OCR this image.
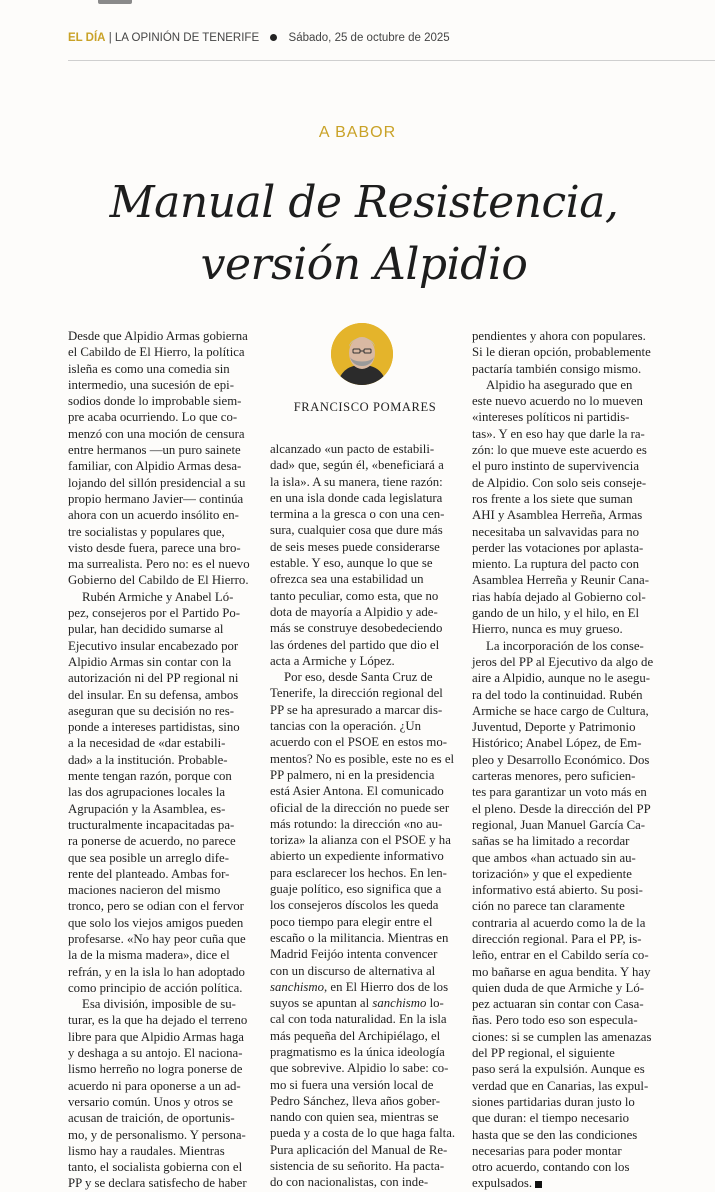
EL DÍA | LA OPINIÓN DE TENERIFE	Sábado, 25 de octubre de 2025
A BABOR
Manual de Resistencia,
versión Alpidio
FRANCISCO POMARES
Desde que Alpidio Armas gobierna
el Cabildo de El Hierro, la política
isleña es como una comedia sin
intermedio, una sucesión de epi-
sodios donde lo improbable siem-
pre acaba ocurriendo. Lo que co-
menzó con una moción de censura
entre hermanos —un puro sainete
familiar, con Alpidio Armas desa-
lojando del sillón presidencial a su
propio hermano Javier— continúa
ahora con un acuerdo insólito en-
tre socialistas y populares que,
visto desde fuera, parece una bro-
ma surrealista. Pero no: es el nuevo
Gobierno del Cabildo de El Hierro.
Rubén Armiche y Anabel Ló-
pez, consejeros por el Partido Po-
pular, han decidido sumarse al
Ejecutivo insular encabezado por
Alpidio Armas sin contar con la
autorización ni del PP regional ni
del insular. En su defensa, ambos
aseguran que su decisión no res-
ponde a intereses partidistas, sino
a la necesidad de «dar estabili-
dad» a la institución. Probable-
mente tengan razón, porque con
las dos agrupaciones locales la
Agrupación y la Asamblea, es-
tructuralmente incapacitadas pa-
ra ponerse de acuerdo, no parece
que sea posible un arreglo dife-
rente del planteado. Ambas for-
maciones nacieron del mismo
tronco, pero se odian con el fervor
que solo los viejos amigos pueden
profesarse. «No hay peor cuña que
la de la misma madera», dice el
refrán, y en la isla lo han adoptado
como principio de acción política.
Esa división, imposible de su-
turar, es la que ha dejado el terreno
libre para que Alpidio Armas haga
y deshaga a su antojo. El naciona-
lismo herreño no logra ponerse de
acuerdo ni para oponerse a un ad-
versario común. Unos y otros se
acusan de traición, de oportunis-
mo, y de personalismo. Y persona-
lismo hay a raudales. Mientras
tanto, el socialista gobierna con el
PP y se declara satisfecho de haber
alcanzado «un pacto de estabili-
dad» que, según él, «beneficiará a
la isla». A su manera, tiene razón:
en una isla donde cada legislatura
termina a la gresca o con una cen-
sura, cualquier cosa que dure más
de seis meses puede considerarse
estable. Y eso, aunque lo que se
ofrezca sea una estabilidad un
tanto peculiar, como esta, que no
dota de mayoría a Alpidio y ade-
más se construye desobedeciendo
las órdenes del partido que dio el
acta a Armiche y López.
Por eso, desde Santa Cruz de
Tenerife, la dirección regional del
PP se ha apresurado a marcar dis-
tancias con la operación. ¿Un
acuerdo con el PSOE en estos mo-
mentos? No es posible, este no es el
PP palmero, ni en la presidencia
está Asier Antona. El comunicado
oficial de la dirección no puede ser
más rotundo: la dirección «no au-
toriza» la alianza con el PSOE y ha
abierto un expediente informativo
para esclarecer los hechos. En len-
guaje político, eso significa que a
los consejeros díscolos les queda
poco tiempo para elegir entre el
escaño o la militancia. Mientras en
Madrid Feijóo intenta convencer
con un discurso de alternativa al
sanchismo, en El Hierro dos de los
suyos se apuntan al sanchismo lo-
cal con toda naturalidad. En la isla
más pequeña del Archipiélago, el
pragmatismo es la única ideología
que sobrevive. Alpidio lo sabe: co-
mo si fuera una versión local de
Pedro Sánchez, lleva años gober-
nando con quien sea, mientras se
pueda y a costa de lo que haga falta.
Pura aplicación del Manual de Re-
sistencia de su señorito. Ha pacta-
do con nacionalistas, con inde-
pendientes y ahora con populares.
Si le dieran opción, probablemente
pactaría también consigo mismo.
Alpidio ha asegurado que en
este nuevo acuerdo no lo mueven
«intereses políticos ni partidis-
tas». Y en eso hay que darle la ra-
zón: lo que mueve este acuerdo es
el puro instinto de supervivencia
de Alpidio. Con solo seis conseje-
ros frente a los siete que suman
AHI y Asamblea Herreña, Armas
necesitaba un salvavidas para no
perder las votaciones por aplasta-
miento. La ruptura del pacto con
Asamblea Herreña y Reunir Cana-
rias había dejado al Gobierno col-
gando de un hilo, y el hilo, en El
Hierro, nunca es muy grueso.
La incorporación de los conse-
jeros del PP al Ejecutivo da algo de
aire a Alpidio, aunque no le asegu-
ra del todo la continuidad. Rubén
Armiche se hace cargo de Cultura,
Juventud, Deporte y Patrimonio
Histórico; Anabel López, de Em-
pleo y Desarrollo Económico. Dos
carteras menores, pero suficien-
tes para garantizar un voto más en
el pleno. Desde la dirección del PP
regional, Juan Manuel García Ca-
sañas se ha limitado a recordar
que ambos «han actuado sin au-
torización» y que el expediente
informativo está abierto. Su posi-
ción no parece tan claramente
contraria al acuerdo como la de la
dirección regional. Para el PP, is-
leño, entrar en el Cabildo sería co-
mo bañarse en agua bendita. Y hay
quien duda de que Armiche y Ló-
pez actuaran sin contar con Casa-
ñas. Pero todo eso son especula-
ciones: si se cumplen las amenazas
del PP regional, el siguiente
paso será la expulsión. Aunque es
verdad que en Canarias, las expul-
siones partidarias duran justo lo
que duran: el tiempo necesario
hasta que se den las condiciones
necesarias para poder montar
otro acuerdo, contando con los
expulsados.
